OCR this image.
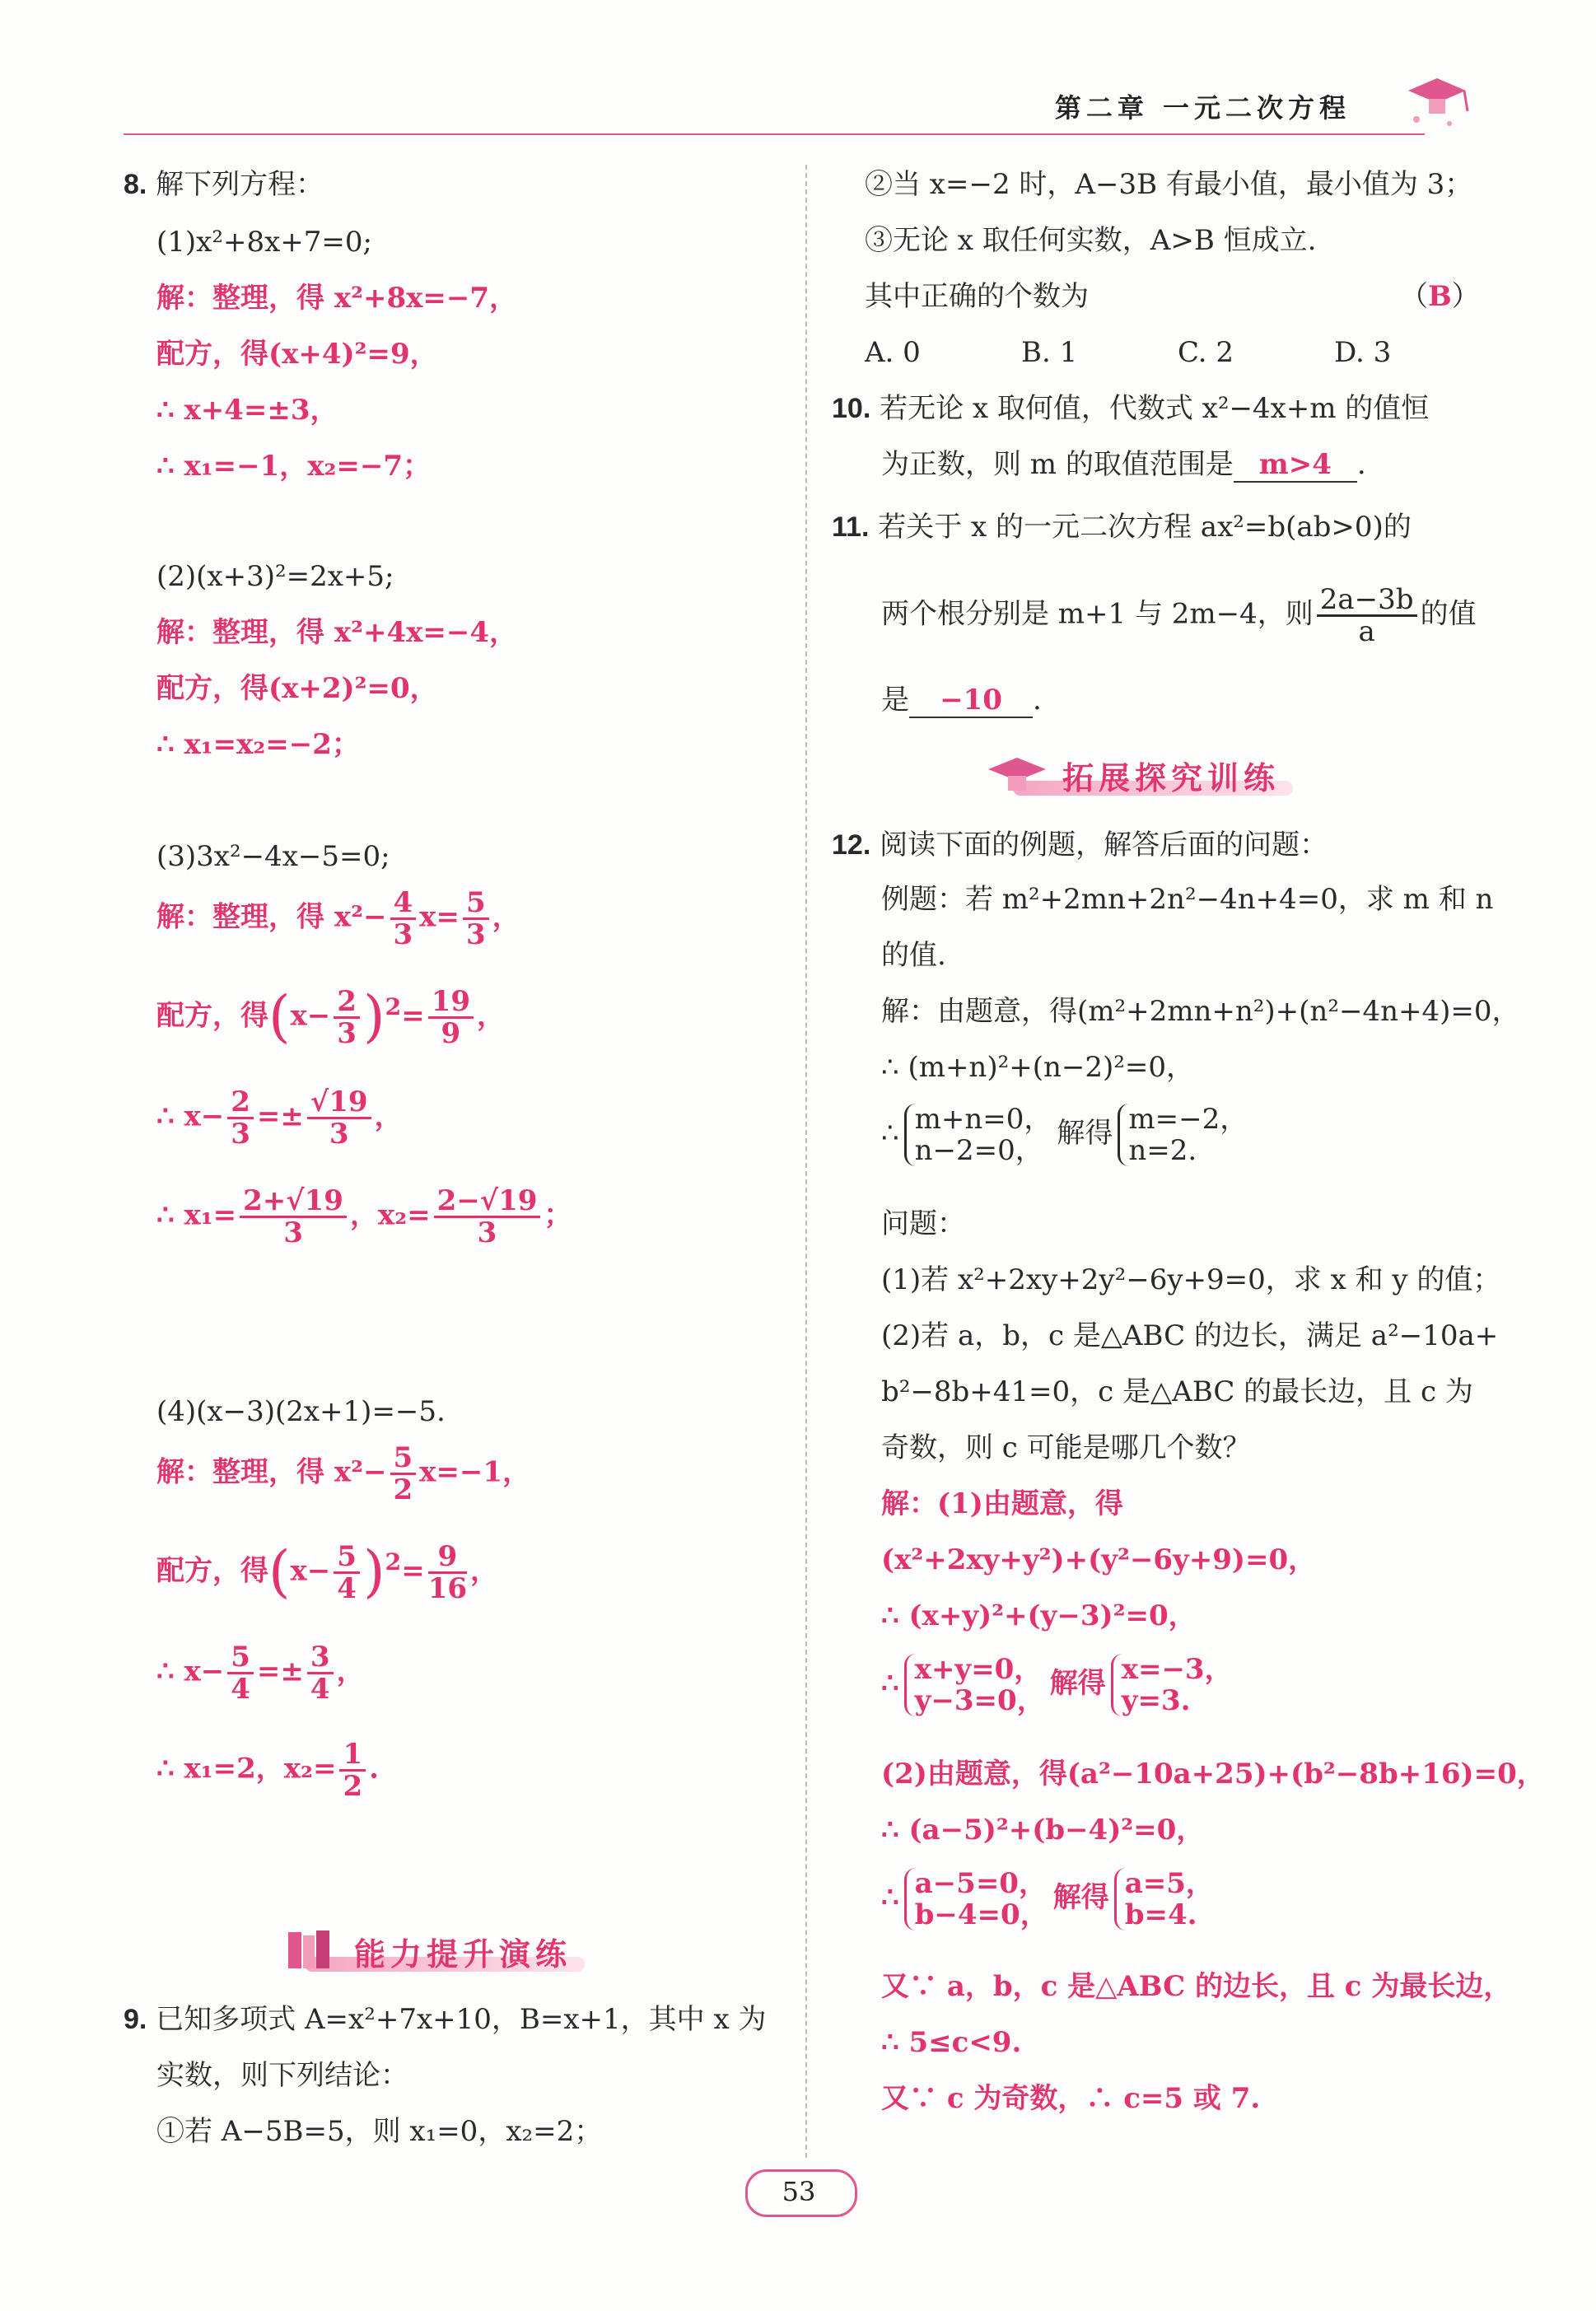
第二章 一元二次方程
8. 解下列方程：
(1)x²+8x+7=0;
解：整理，得 x²+8x=−7，
配方，得(x+4)²=9，
∴ x+4=±3，
∴ x₁=−1，x₂=−7；
(2)(x+3)²=2x+5;
解：整理，得 x²+4x=−4，
配方，得(x+2)²=0，
∴ x₁=x₂=−2；
(3)3x²−4x−5=0;
解：整理，得 $x^2- \frac{4}{3} x= \frac{5}{3}$ ，
配方，得$(x- \frac{2}{3} )^2= \frac{19}{9}$ ，
∴ $x- \frac{2}{3} =\pm \frac{√19}{3}$ ，
∴ $x_1= \frac{2+√19}{3}$ ，$x_2= \frac{2-√19}{3}$ ；
(4)(x−3)(2x+1)=−5.
解：整理，得 $x^2- \frac{5}{2} x=-1$，
配方，得$(x- \frac{5}{4} )^2= \frac{9}{16}$ ，
∴ $x- \frac{5}{4} =\pm \frac{3}{4}$ ，
∴ x₁=2，$x_2= \frac{1}{2}$ .
能力提升演练
9. 已知多项式 A=x²+7x+10，B=x+1，其中 x 为
实数，则下列结论：
①若 A−5B=5，则 x₁=0，x₂=2；
②当 x=−2 时，A−3B 有最小值，最小值为 3；
③无论 x 取任何实数，A>B 恒成立.
其中正确的个数为	（B）
A. 0	B. 1	C. 2	D. 3
10. 若无论 x 取何值，代数式 x²−4x+m 的值恒
为正数，则 m 的取值范围是 m>4 .
11. 若关于 x 的一元二次方程 ax²=b(ab>0)的
两个根分别是 m+1 与 2m−4，则 $\frac{2a-3b}{a}$ 的值
是 −10 .
拓展探究训练
12. 阅读下面的例题，解答后面的问题：
例题：若 m²+2mn+2n²−4n+4=0，求 m 和 n
的值.
解：由题意，得(m²+2mn+n²)+(n²−4n+4)=0，
∴ (m+n)²+(n−2)²=0，
∴ m+n=0，
n−2=0，
解得 m=−2，
n=2.
问题：
(1)若 x²+2xy+2y²−6y+9=0，求 x 和 y 的值；
(2)若 a，b，c 是△ABC 的边长，满足 a²−10a+
b²−8b+41=0，c 是△ABC 的最长边，且 c 为
奇数，则 c 可能是哪几个数？
解：(1)由题意，得
(x²+2xy+y²)+(y²−6y+9)=0，
∴ (x+y)²+(y−3)²=0，
∴ x+y=0，
y−3=0，
解得 x=−3，
y=3.
(2)由题意，得(a²−10a+25)+(b²−8b+16)=0，
∴ (a−5)²+(b−4)²=0，
∴ a−5=0，
b−4=0，
解得 a=5，
b=4.
又∵ a，b，c 是△ABC 的边长，且 c 为最长边，
∴ 5≤c<9.
又∵ c 为奇数，∴ c=5 或 7.
53
